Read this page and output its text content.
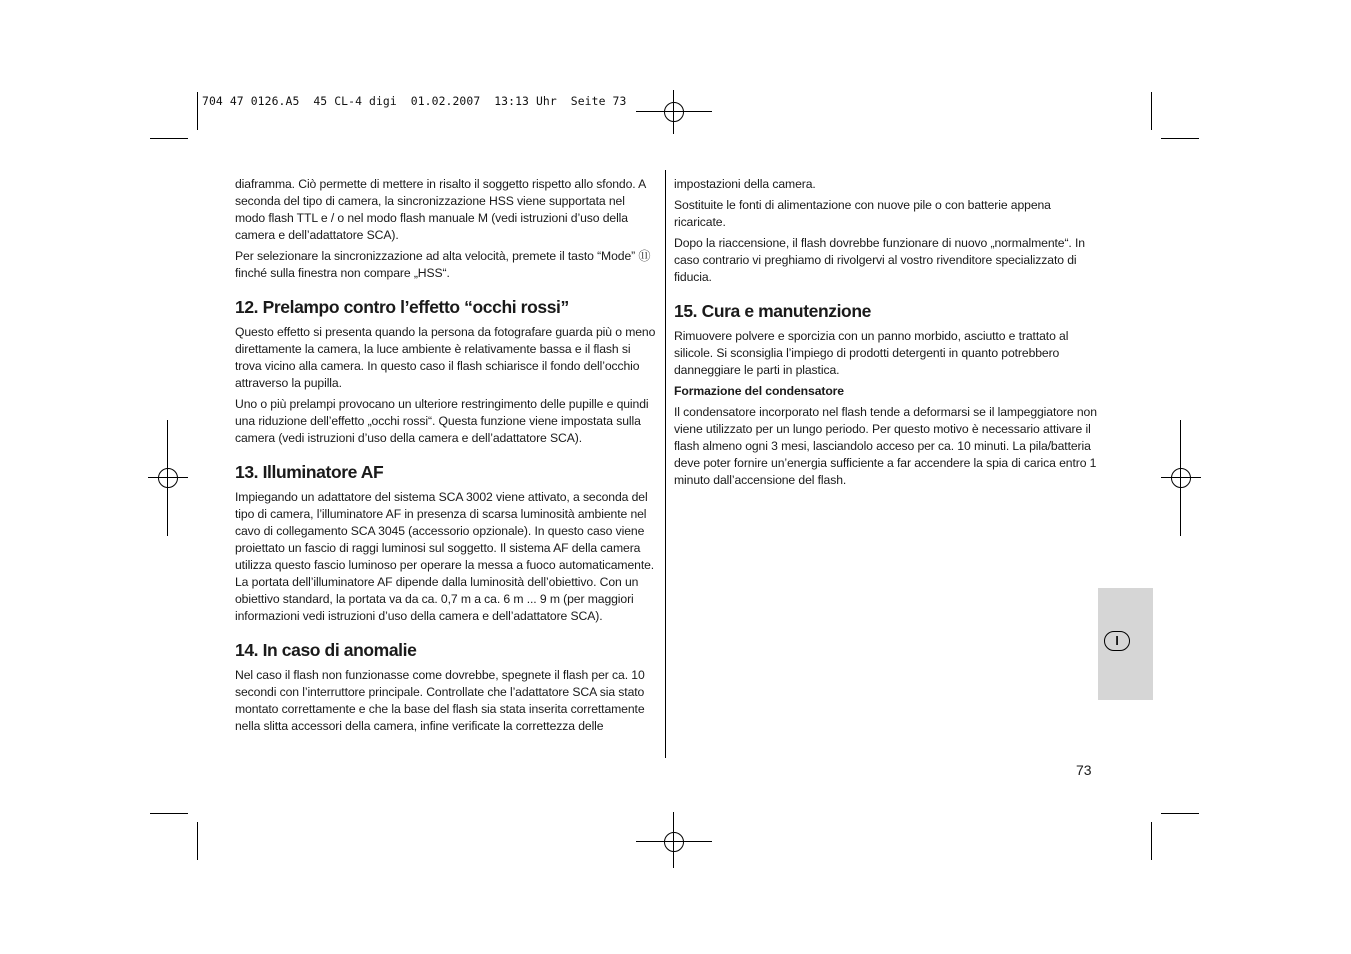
704 47 0126.A5  45 CL-4 digi  01.02.2007  13:13 Uhr  Seite 73

diaframma. Ciò permette di mettere in risalto il soggetto rispetto allo sfondo. A seconda del tipo di camera, la sincronizzazione HSS viene supportata nel modo flash TTL e / o nel modo flash manuale M (vedi istruzioni d’uso della camera e dell’adattatore SCA).

Per selezionare la sincronizzazione ad alta velocità, premete il tasto “Mode” ⑪ finché sulla finestra non compare „HSS“.

12. Prelampo contro l’effetto “occhi rossi”

Questo effetto si presenta quando la persona da fotografare guarda più o meno direttamente la camera, la luce ambiente è relativamente bassa e il flash si trova vicino alla camera. In questo caso il flash schiarisce il fondo dell’occhio attraverso la pupilla.

Uno o più prelampi provocano un ulteriore restringimento delle pupille e quindi una riduzione dell’effetto „occhi rossi“. Questa funzione viene impostata sulla camera (vedi istruzioni d’uso della camera e dell’adattatore SCA).

13. Illuminatore AF

Impiegando un adattatore del sistema SCA 3002 viene attivato, a seconda del tipo di camera, l’illuminatore AF in presenza di scarsa luminosità ambiente nel cavo di collegamento SCA 3045 (accessorio opzionale). In questo caso viene proiettato un fascio di raggi luminosi sul soggetto. Il sistema AF della camera utilizza questo fascio luminoso per operare la messa a fuoco automaticamente. La portata dell’illuminatore AF dipende dalla luminosità dell’obiettivo. Con un obiettivo standard, la portata va da ca. 0,7 m a ca. 6 m ... 9 m (per maggiori informazioni vedi istruzioni d’uso della camera e dell’adattatore SCA).

14. In caso di anomalie

Nel caso il flash non funzionasse come dovrebbe, spegnete il flash per ca. 10 secondi con l’interruttore principale. Controllate che l’adattatore SCA sia stato montato correttamente e che la base del flash sia stata inserita correttamente nella slitta accessori della camera, infine verificate la correttezza delle

impostazioni della camera.

Sostituite le fonti di alimentazione con nuove pile o con batterie appena ricaricate.

Dopo la riaccensione, il flash dovrebbe funzionare di nuovo „normalmente“. In caso contrario vi preghiamo di rivolgervi al vostro rivenditore specializzato di fiducia.

15. Cura e manutenzione

Rimuovere polvere e sporcizia con un panno morbido, asciutto e trattato al silicole. Si sconsiglia l’impiego di prodotti detergenti in quanto potrebbero danneggiare le parti in plastica.

Formazione del condensatore

Il condensatore incorporato nel flash tende a deformarsi se il lampeggiatore non viene utilizzato per un lungo periodo. Per questo motivo è necessario attivare il flash almeno ogni 3 mesi, lasciandolo acceso per ca. 10 minuti. La pila/batteria deve poter fornire un’energia sufficiente a far accendere la spia di carica entro 1 minuto dall’accensione del flash.

I
73
